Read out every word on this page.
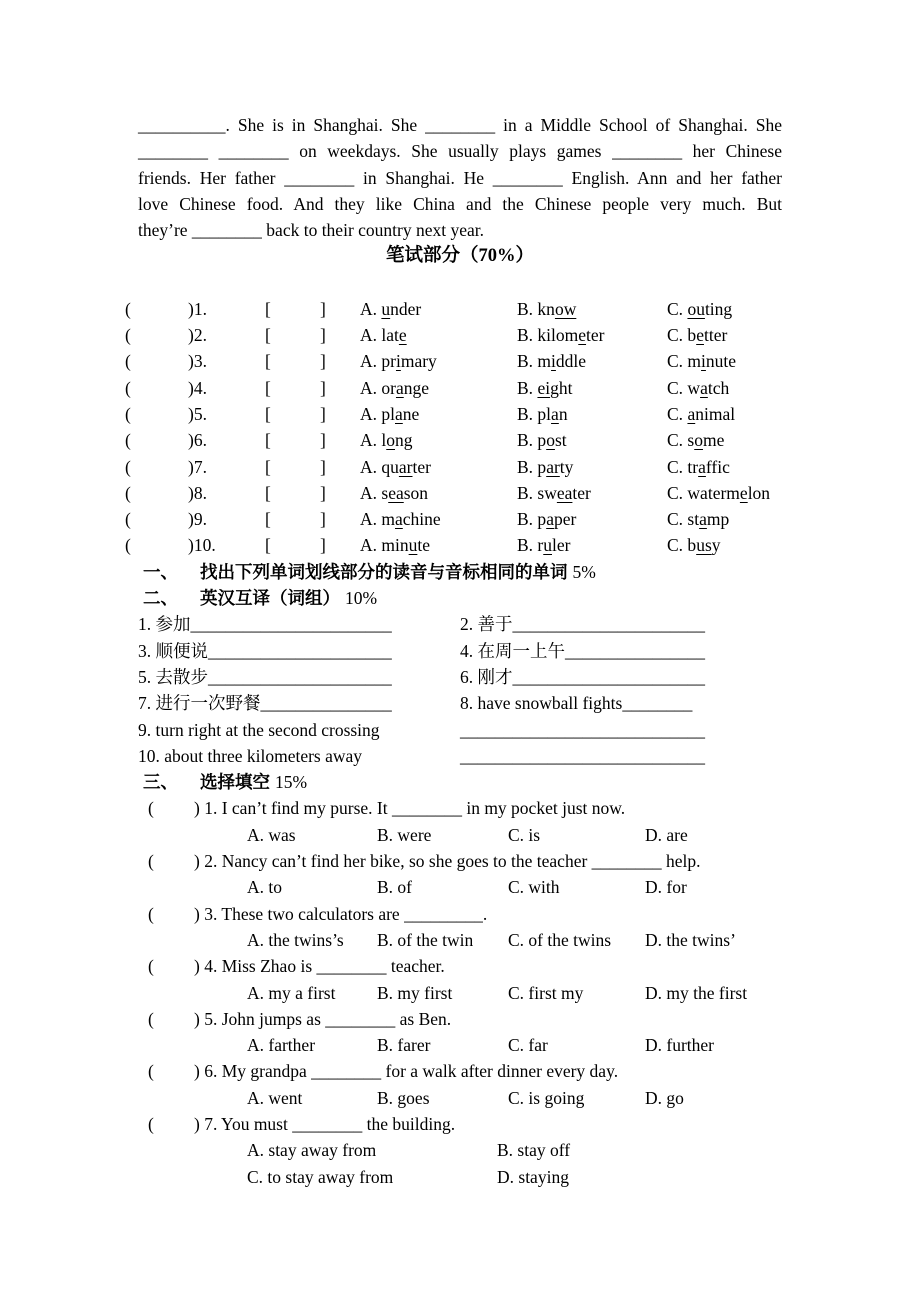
__________. She is in Shanghai. She ________ in a Middle School of Shanghai. She
________ ________ on weekdays. She usually plays games ________ her Chinese
friends. Her father ________ in Shanghai. He ________ English. Ann and her father
love Chinese food. And they like China and the Chinese people very much. But
they’re ________ back to their country next year.
笔试部分（70%）
(	)1.	[	]	A. under	B. know	C. outing
(	)2.	[	]	A. late	B. kilometer	C. better
(	)3.	[	]	A. primary	B. middle	C. minute
(	)4.	[	]	A. orange	B. eight	C. watch
(	)5.	[	]	A. plane	B. plan	C. animal
(	)6.	[	]	A. long	B. post	C. some
(	)7.	[	]	A. quarter	B. party	C. traffic
(	)8.	[	]	A. season	B. sweater	C. watermelon
(	)9.	[	]	A. machine	B. paper	C. stamp
(	)10.	[	]	A. minute	B. ruler	C. busy
一、 找出下列单词划线部分的读音与音标相同的单词 5%
二、 英汉互译（词组） 10%
1. 参加_______________________	2. 善于______________________
3. 顺便说_____________________	4. 在周一上午________________
5. 去散步_____________________	6. 刚才______________________
7. 进行一次野餐_______________	8. have snowball fights________
9. turn right at the second crossing	____________________________
10. about three kilometers away	____________________________
三、 选择填空 15%
( ) 1. I can’t find my purse. It ________ in my pocket just now.
A. was	B. were	C. is	D. are
( ) 2. Nancy can’t find her bike, so she goes to the teacher ________ help.
A. to	B. of	C. with	D. for
( ) 3. These two calculators are _________.
A. the twins’s	B. of the twin	C. of the twins	D. the twins’
( ) 4. Miss Zhao is ________ teacher.
A. my a first	B. my first	C. first my	D. my the first
( ) 5. John jumps as ________ as Ben.
A. farther	B. farer	C. far	D. further
( ) 6. My grandpa ________ for a walk after dinner every day.
A. went	B. goes	C. is going	D. go
( ) 7. You must ________ the building.
A. stay away from	B. stay off
C. to stay away from	D. staying
